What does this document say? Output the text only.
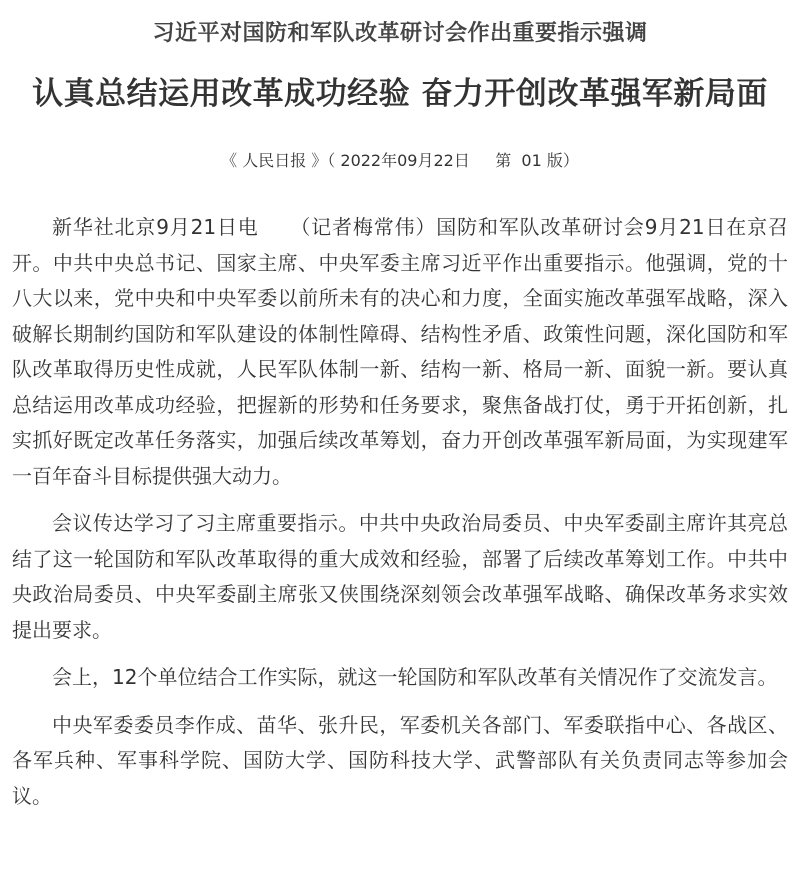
习近平对国防和军队改革研讨会作出重要指示强调
认真总结运用改革成功经验 奋力开创改革强军新局面
《 人民日报 》（ 2022年09月22日     第  01 版）

新华社北京9月21日电　　（记者梅常伟）国防和军队改革研讨会9月21日在京召开。中共中央总书记、国家主席、中央军委主席习近平作出重要指示。他强调，党的十八大以来，党中央和中央军委以前所未有的决心和力度，全面实施改革强军战略，深入破解长期制约国防和军队建设的体制性障碍、结构性矛盾、政策性问题，深化国防和军队改革取得历史性成就，人民军队体制一新、结构一新、格局一新、面貌一新。要认真总结运用改革成功经验，把握新的形势和任务要求，聚焦备战打仗，勇于开拓创新，扎实抓好既定改革任务落实，加强后续改革筹划，奋力开创改革强军新局面，为实现建军一百年奋斗目标提供强大动力。

会议传达学习了习主席重要指示。中共中央政治局委员、中央军委副主席许其亮总结了这一轮国防和军队改革取得的重大成效和经验，部署了后续改革筹划工作。中共中央政治局委员、中央军委副主席张又侠围绕深刻领会改革强军战略、确保改革务求实效提出要求。

会上，12个单位结合工作实际，就这一轮国防和军队改革有关情况作了交流发言。

中央军委委员李作成、苗华、张升民，军委机关各部门、军委联指中心、各战区、各军兵种、军事科学院、国防大学、国防科技大学、武警部队有关负责同志等参加会议。
